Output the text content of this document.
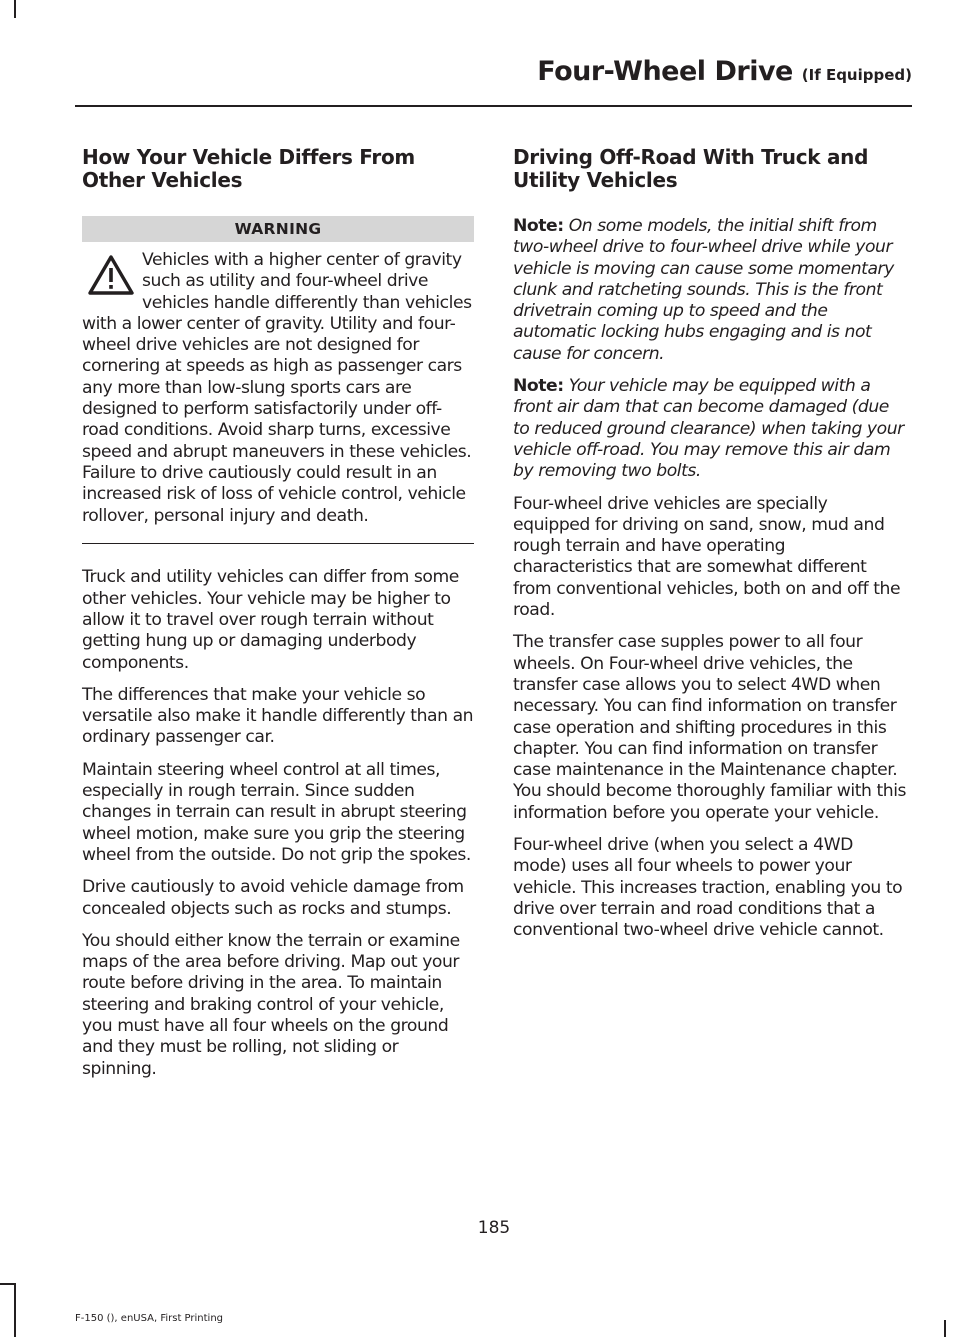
Four-Wheel Drive (If Equipped)
How Your Vehicle Differs From Other Vehicles
WARNING

Vehicles with a higher center of gravity such as utility and four-wheel drive vehicles handle differently than vehicles with a lower center of gravity. Utility and four-wheel drive vehicles are not designed for cornering at speeds as high as passenger cars any more than low-slung sports cars are designed to perform satisfactorily under off-road conditions. Avoid sharp turns, excessive speed and abrupt maneuvers in these vehicles. Failure to drive cautiously could result in an increased risk of loss of vehicle control, vehicle rollover, personal injury and death.

Truck and utility vehicles can differ from some other vehicles. Your vehicle may be higher to allow it to travel over rough terrain without getting hung up or damaging underbody components.

The differences that make your vehicle so versatile also make it handle differently than an ordinary passenger car.

Maintain steering wheel control at all times, especially in rough terrain. Since sudden changes in terrain can result in abrupt steering wheel motion, make sure you grip the steering wheel from the outside. Do not grip the spokes.

Drive cautiously to avoid vehicle damage from concealed objects such as rocks and stumps.

You should either know the terrain or examine maps of the area before driving. Map out your route before driving in the area. To maintain steering and braking control of your vehicle, you must have all four wheels on the ground and they must be rolling, not sliding or spinning.

Driving Off-Road With Truck and Utility Vehicles

Note: On some models, the initial shift from two-wheel drive to four-wheel drive while your vehicle is moving can cause some momentary clunk and ratcheting sounds. This is the front drivetrain coming up to speed and the automatic locking hubs engaging and is not cause for concern.

Note: Your vehicle may be equipped with a front air dam that can become damaged (due to reduced ground clearance) when taking your vehicle off-road. You may remove this air dam by removing two bolts.

Four-wheel drive vehicles are specially equipped for driving on sand, snow, mud and rough terrain and have operating characteristics that are somewhat different from conventional vehicles, both on and off the road.

The transfer case supples power to all four wheels. On Four-wheel drive vehicles, the transfer case allows you to select 4WD when necessary. You can find information on transfer case operation and shifting procedures in this chapter. You can find information on transfer case maintenance in the Maintenance chapter. You should become thoroughly familiar with this information before you operate your vehicle.

Four-wheel drive (when you select a 4WD mode) uses all four wheels to power your vehicle. This increases traction, enabling you to drive over terrain and road conditions that a conventional two-wheel drive vehicle cannot.

185
F-150 (), enUSA, First Printing
